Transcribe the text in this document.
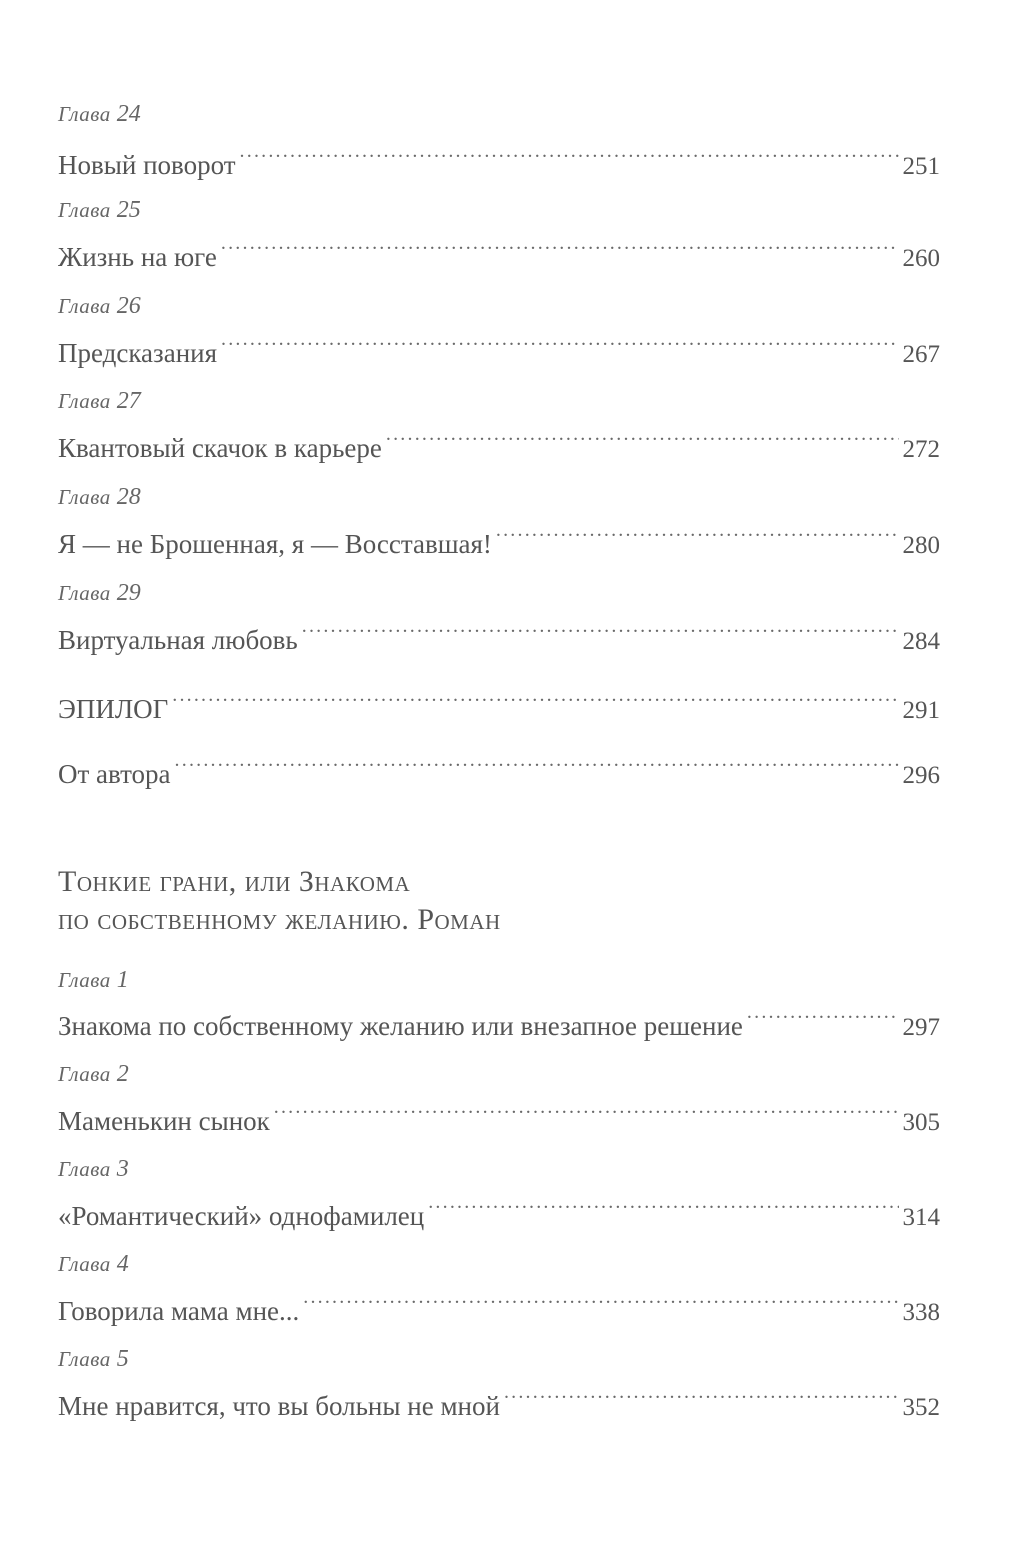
Глава 24
Новый поворот .....	251
Глава 25
Жизнь на юге .....	260
Глава 26
Предсказания .....	267
Глава 27
Квантовый скачок в карьере .....	272
Глава 28
Я — не Брошенная, я — Восставшая! .....	280
Глава 29
Виртуальная любовь .....	284
ЭПИЛОГ .....	291
От автора .....	296
Тонкие грани, или Знакома
по собственному желанию. Роман
Глава 1
Знакома по собственному желанию или внезапное решение .....	297
Глава 2
Маменькин сынок .....	305
Глава 3
«Романтический» однофамилец .....	314
Глава 4
Говорила мама мне... .....	338
Глава 5
Мне нравится, что вы больны не мной .....	352
